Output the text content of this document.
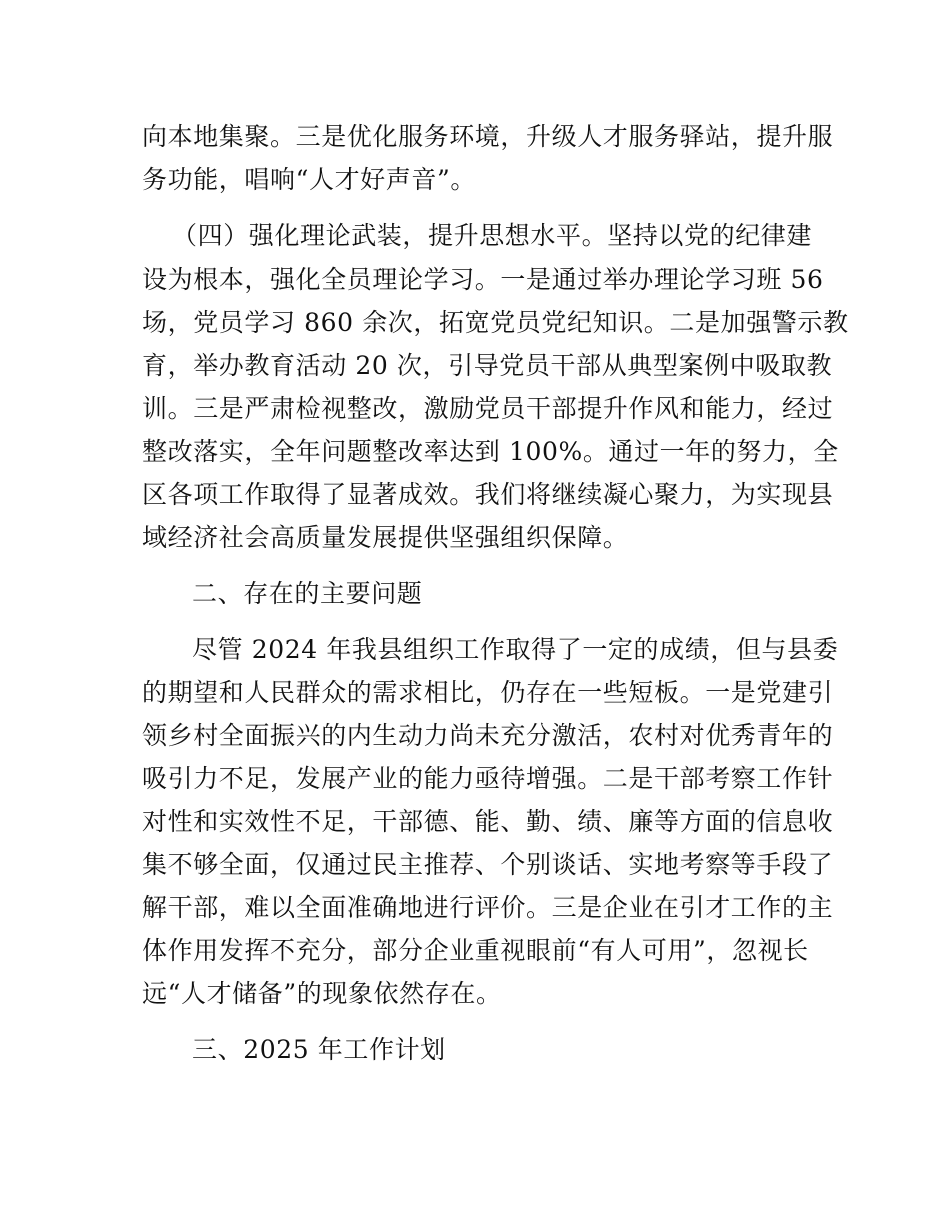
向本地集聚。三是优化服务环境，升级人才服务驿站，提升服
务功能，唱响“人才好声音”。
（四）强化理论武装，提升思想水平。坚持以党的纪律建
设为根本，强化全员理论学习。一是通过举办理论学习班 56
场，党员学习 860 余次，拓宽党员党纪知识。二是加强警示教
育，举办教育活动 20 次，引导党员干部从典型案例中吸取教
训。三是严肃检视整改，激励党员干部提升作风和能力，经过
整改落实，全年问题整改率达到 100%。通过一年的努力，全
区各项工作取得了显著成效。我们将继续凝心聚力，为实现县
域经济社会高质量发展提供坚强组织保障。
二、存在的主要问题
尽管 2024 年我县组织工作取得了一定的成绩，但与县委
的期望和人民群众的需求相比，仍存在一些短板。一是党建引
领乡村全面振兴的内生动力尚未充分激活，农村对优秀青年的
吸引力不足，发展产业的能力亟待增强。二是干部考察工作针
对性和实效性不足，干部德、能、勤、绩、廉等方面的信息收
集不够全面，仅通过民主推荐、个别谈话、实地考察等手段了
解干部，难以全面准确地进行评价。三是企业在引才工作的主
体作用发挥不充分，部分企业重视眼前“有人可用”，忽视长
远“人才储备”的现象依然存在。
三、2025 年工作计划
